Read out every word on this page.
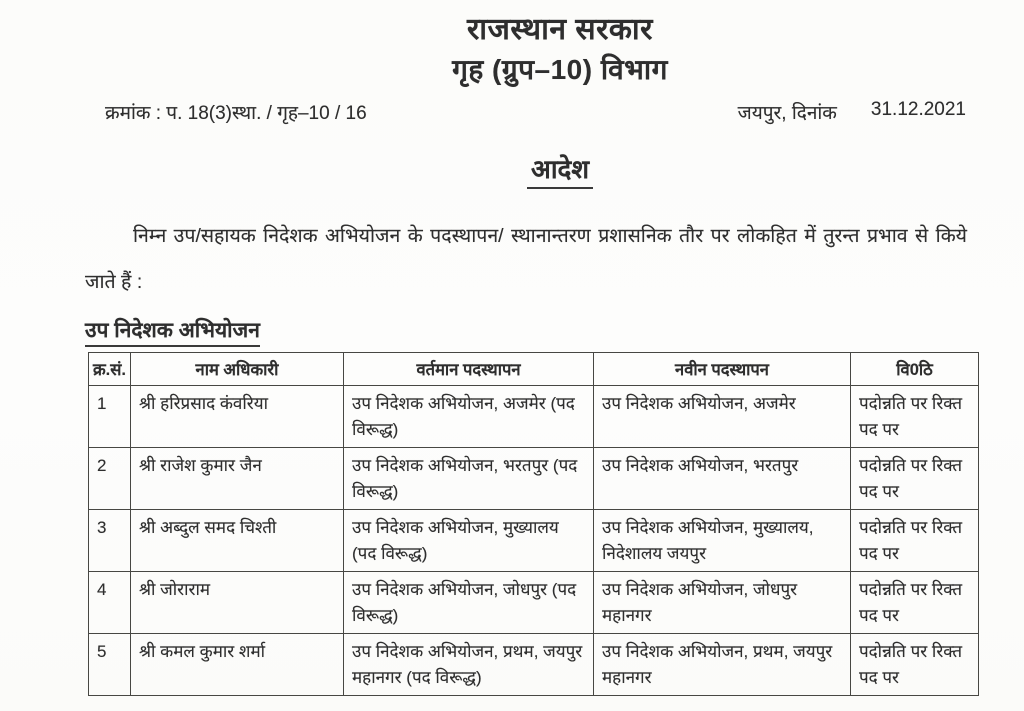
राजस्थान सरकार
गृह (ग्रुप–10) विभाग
क्रमांक : प. 18(3)स्था. / गृह–10 / 16	जयपुर, दिनांक 31.12.2021
आदेश

निम्न उप/सहायक निदेशक अभियोजन के पदस्थापन/ स्थानान्तरण प्रशासनिक तौर पर लोकहित में तुरन्त प्रभाव से किये जाते हैं :

उप निदेशक अभियोजन
क्र.सं.	नाम अधिकारी	वर्तमान पदस्थापन	नवीन पदस्थापन	वि0ठि
1	श्री हरिप्रसाद कंवरिया	उप निदेशक अभियोजन, अजमेर (पद विरूद्ध)	उप निदेशक अभियोजन, अजमेर	पदोन्नति पर रिक्त पद पर
2	श्री राजेश कुमार जैन	उप निदेशक अभियोजन, भरतपुर (पद विरूद्ध)	उप निदेशक अभियोजन, भरतपुर	पदोन्नति पर रिक्त पद पर
3	श्री अब्दुल समद चिश्ती	उप निदेशक अभियोजन, मुख्यालय (पद विरूद्ध)	उप निदेशक अभियोजन, मुख्यालय, निदेशालय जयपुर	पदोन्नति पर रिक्त पद पर
4	श्री जोराराम	उप निदेशक अभियोजन, जोधपुर (पद विरूद्ध)	उप निदेशक अभियोजन, जोधपुर महानगर	पदोन्नति पर रिक्त पद पर
5	श्री कमल कुमार शर्मा	उप निदेशक अभियोजन, प्रथम, जयपुर महानगर (पद विरूद्ध)	उप निदेशक अभियोजन, प्रथम, जयपुर महानगर	पदोन्नति पर रिक्त पद पर
